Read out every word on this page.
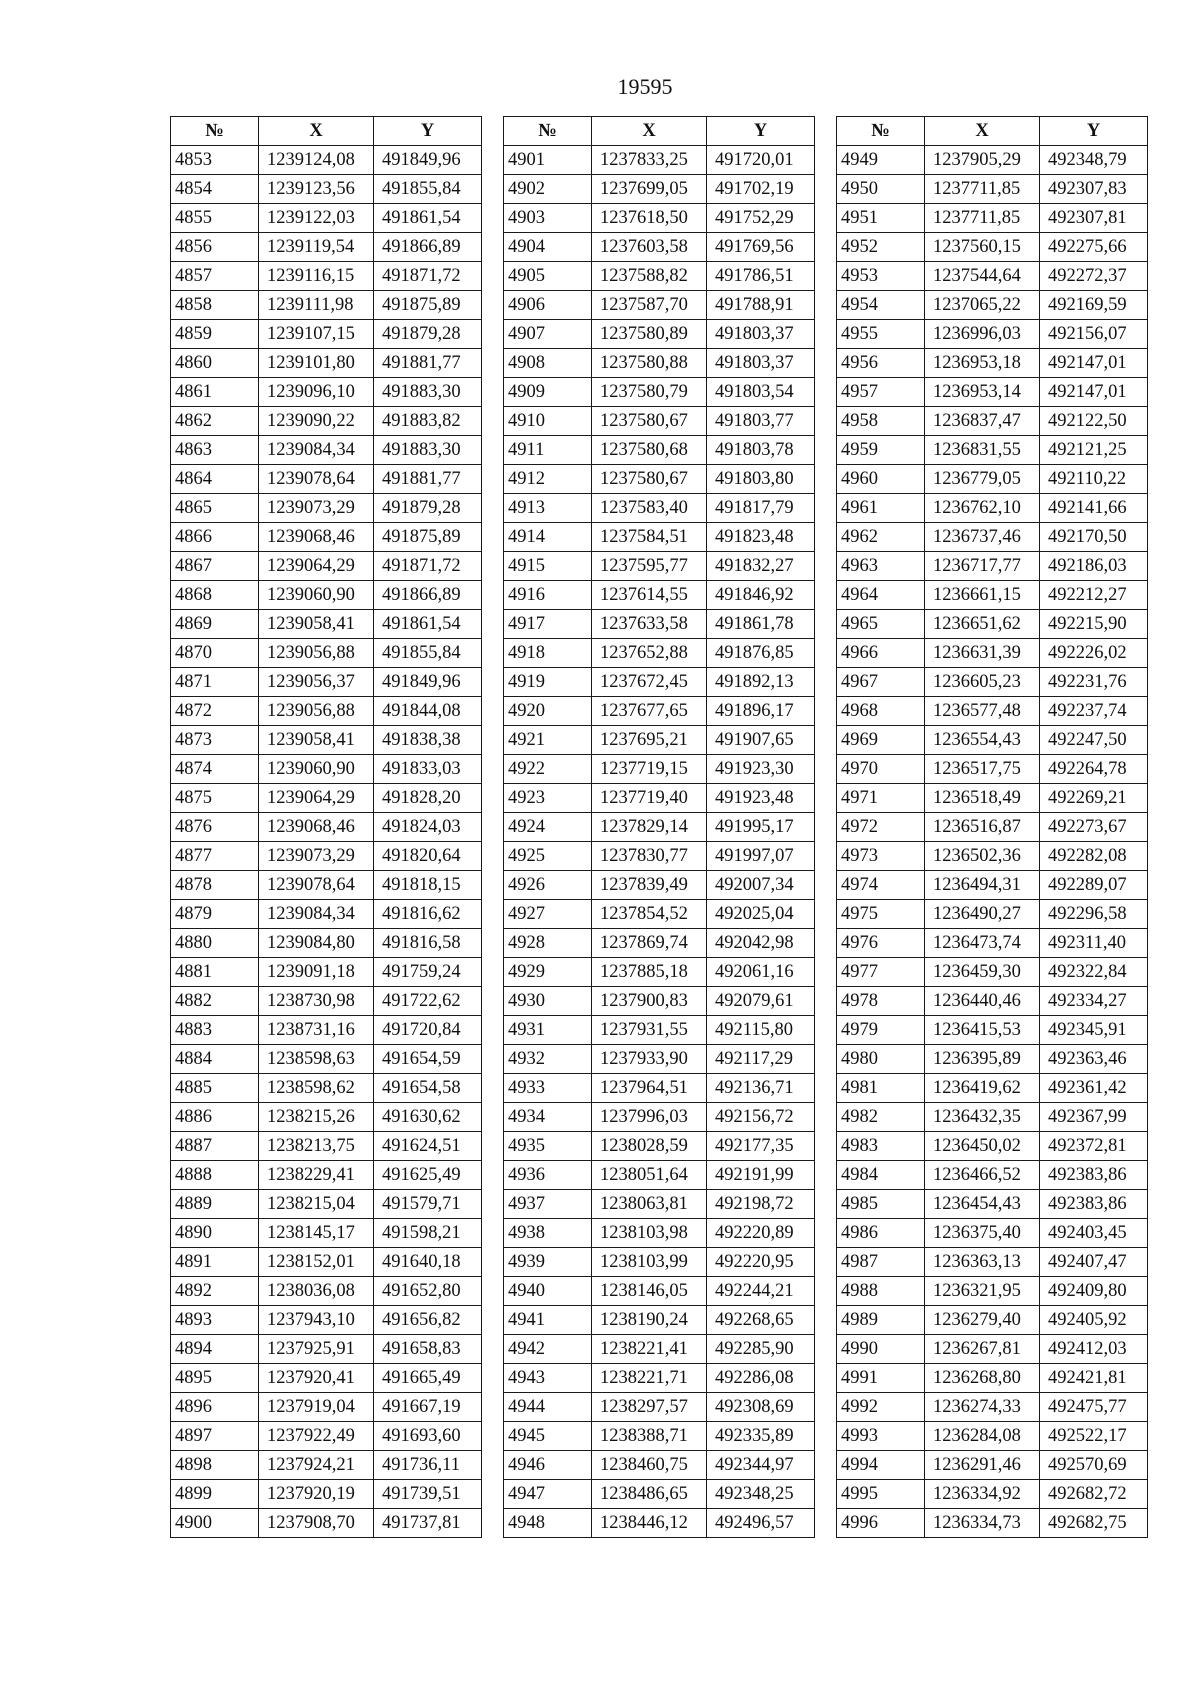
19595
№	X	Y
4853	1239124,08	491849,96
4854	1239123,56	491855,84
4855	1239122,03	491861,54
4856	1239119,54	491866,89
4857	1239116,15	491871,72
4858	1239111,98	491875,89
4859	1239107,15	491879,28
4860	1239101,80	491881,77
4861	1239096,10	491883,30
4862	1239090,22	491883,82
4863	1239084,34	491883,30
4864	1239078,64	491881,77
4865	1239073,29	491879,28
4866	1239068,46	491875,89
4867	1239064,29	491871,72
4868	1239060,90	491866,89
4869	1239058,41	491861,54
4870	1239056,88	491855,84
4871	1239056,37	491849,96
4872	1239056,88	491844,08
4873	1239058,41	491838,38
4874	1239060,90	491833,03
4875	1239064,29	491828,20
4876	1239068,46	491824,03
4877	1239073,29	491820,64
4878	1239078,64	491818,15
4879	1239084,34	491816,62
4880	1239084,80	491816,58
4881	1239091,18	491759,24
4882	1238730,98	491722,62
4883	1238731,16	491720,84
4884	1238598,63	491654,59
4885	1238598,62	491654,58
4886	1238215,26	491630,62
4887	1238213,75	491624,51
4888	1238229,41	491625,49
4889	1238215,04	491579,71
4890	1238145,17	491598,21
4891	1238152,01	491640,18
4892	1238036,08	491652,80
4893	1237943,10	491656,82
4894	1237925,91	491658,83
4895	1237920,41	491665,49
4896	1237919,04	491667,19
4897	1237922,49	491693,60
4898	1237924,21	491736,11
4899	1237920,19	491739,51
4900	1237908,70	491737,81
№	X	Y
4901	1237833,25	491720,01
4902	1237699,05	491702,19
4903	1237618,50	491752,29
4904	1237603,58	491769,56
4905	1237588,82	491786,51
4906	1237587,70	491788,91
4907	1237580,89	491803,37
4908	1237580,88	491803,37
4909	1237580,79	491803,54
4910	1237580,67	491803,77
4911	1237580,68	491803,78
4912	1237580,67	491803,80
4913	1237583,40	491817,79
4914	1237584,51	491823,48
4915	1237595,77	491832,27
4916	1237614,55	491846,92
4917	1237633,58	491861,78
4918	1237652,88	491876,85
4919	1237672,45	491892,13
4920	1237677,65	491896,17
4921	1237695,21	491907,65
4922	1237719,15	491923,30
4923	1237719,40	491923,48
4924	1237829,14	491995,17
4925	1237830,77	491997,07
4926	1237839,49	492007,34
4927	1237854,52	492025,04
4928	1237869,74	492042,98
4929	1237885,18	492061,16
4930	1237900,83	492079,61
4931	1237931,55	492115,80
4932	1237933,90	492117,29
4933	1237964,51	492136,71
4934	1237996,03	492156,72
4935	1238028,59	492177,35
4936	1238051,64	492191,99
4937	1238063,81	492198,72
4938	1238103,98	492220,89
4939	1238103,99	492220,95
4940	1238146,05	492244,21
4941	1238190,24	492268,65
4942	1238221,41	492285,90
4943	1238221,71	492286,08
4944	1238297,57	492308,69
4945	1238388,71	492335,89
4946	1238460,75	492344,97
4947	1238486,65	492348,25
4948	1238446,12	492496,57
№	X	Y
4949	1237905,29	492348,79
4950	1237711,85	492307,83
4951	1237711,85	492307,81
4952	1237560,15	492275,66
4953	1237544,64	492272,37
4954	1237065,22	492169,59
4955	1236996,03	492156,07
4956	1236953,18	492147,01
4957	1236953,14	492147,01
4958	1236837,47	492122,50
4959	1236831,55	492121,25
4960	1236779,05	492110,22
4961	1236762,10	492141,66
4962	1236737,46	492170,50
4963	1236717,77	492186,03
4964	1236661,15	492212,27
4965	1236651,62	492215,90
4966	1236631,39	492226,02
4967	1236605,23	492231,76
4968	1236577,48	492237,74
4969	1236554,43	492247,50
4970	1236517,75	492264,78
4971	1236518,49	492269,21
4972	1236516,87	492273,67
4973	1236502,36	492282,08
4974	1236494,31	492289,07
4975	1236490,27	492296,58
4976	1236473,74	492311,40
4977	1236459,30	492322,84
4978	1236440,46	492334,27
4979	1236415,53	492345,91
4980	1236395,89	492363,46
4981	1236419,62	492361,42
4982	1236432,35	492367,99
4983	1236450,02	492372,81
4984	1236466,52	492383,86
4985	1236454,43	492383,86
4986	1236375,40	492403,45
4987	1236363,13	492407,47
4988	1236321,95	492409,80
4989	1236279,40	492405,92
4990	1236267,81	492412,03
4991	1236268,80	492421,81
4992	1236274,33	492475,77
4993	1236284,08	492522,17
4994	1236291,46	492570,69
4995	1236334,92	492682,72
4996	1236334,73	492682,75
